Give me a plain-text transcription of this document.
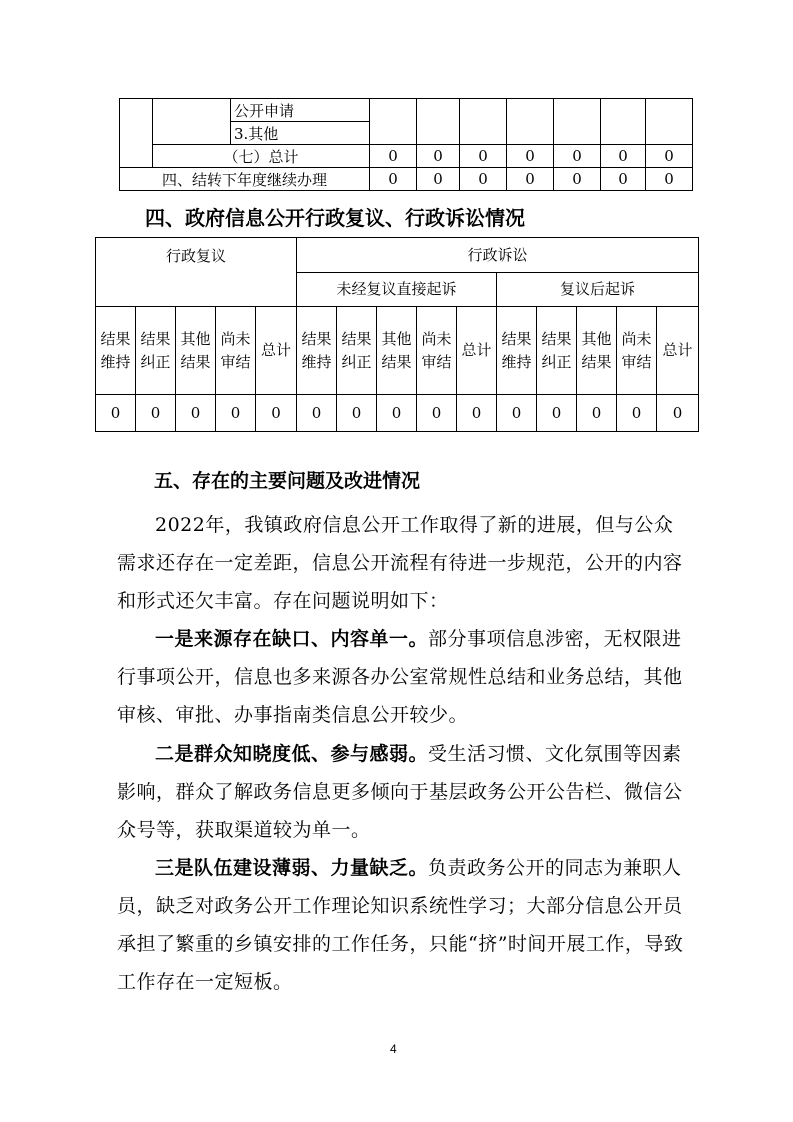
		公开申请							
		3.其他							
	（七）总计		0	0	0	0	0	0	0
四、结转下年度继续办理			0	0	0	0	0	0	0
四、政府信息公开行政复议、行政诉讼情况
行政复议					行政诉讼									
					未经复议直接起诉					复议后起诉				
结果维持	结果纠正	其他结果	尚未审结	总计	结果维持	结果纠正	其他结果	尚未审结	总计	结果维持	结果纠正	其他结果	尚未审结	总计
0	0	0	0	0	0	0	0	0	0	0	0	0	0	0
五、存在的主要问题及改进情况

2022年，我镇政府信息公开工作取得了新的进展，但与公众需求还存在一定差距，信息公开流程有待进一步规范，公开的内容和形式还欠丰富。存在问题说明如下：

一是来源存在缺口、内容单一。部分事项信息涉密，无权限进行事项公开，信息也多来源各办公室常规性总结和业务总结，其他审核、审批、办事指南类信息公开较少。

二是群众知晓度低、参与感弱。受生活习惯、文化氛围等因素影响，群众了解政务信息更多倾向于基层政务公开公告栏、微信公众号等，获取渠道较为单一。

三是队伍建设薄弱、力量缺乏。负责政务公开的同志为兼职人员，缺乏对政务公开工作理论知识系统性学习；大部分信息公开员承担了繁重的乡镇安排的工作任务，只能“挤”时间开展工作，导致工作存在一定短板。

4
